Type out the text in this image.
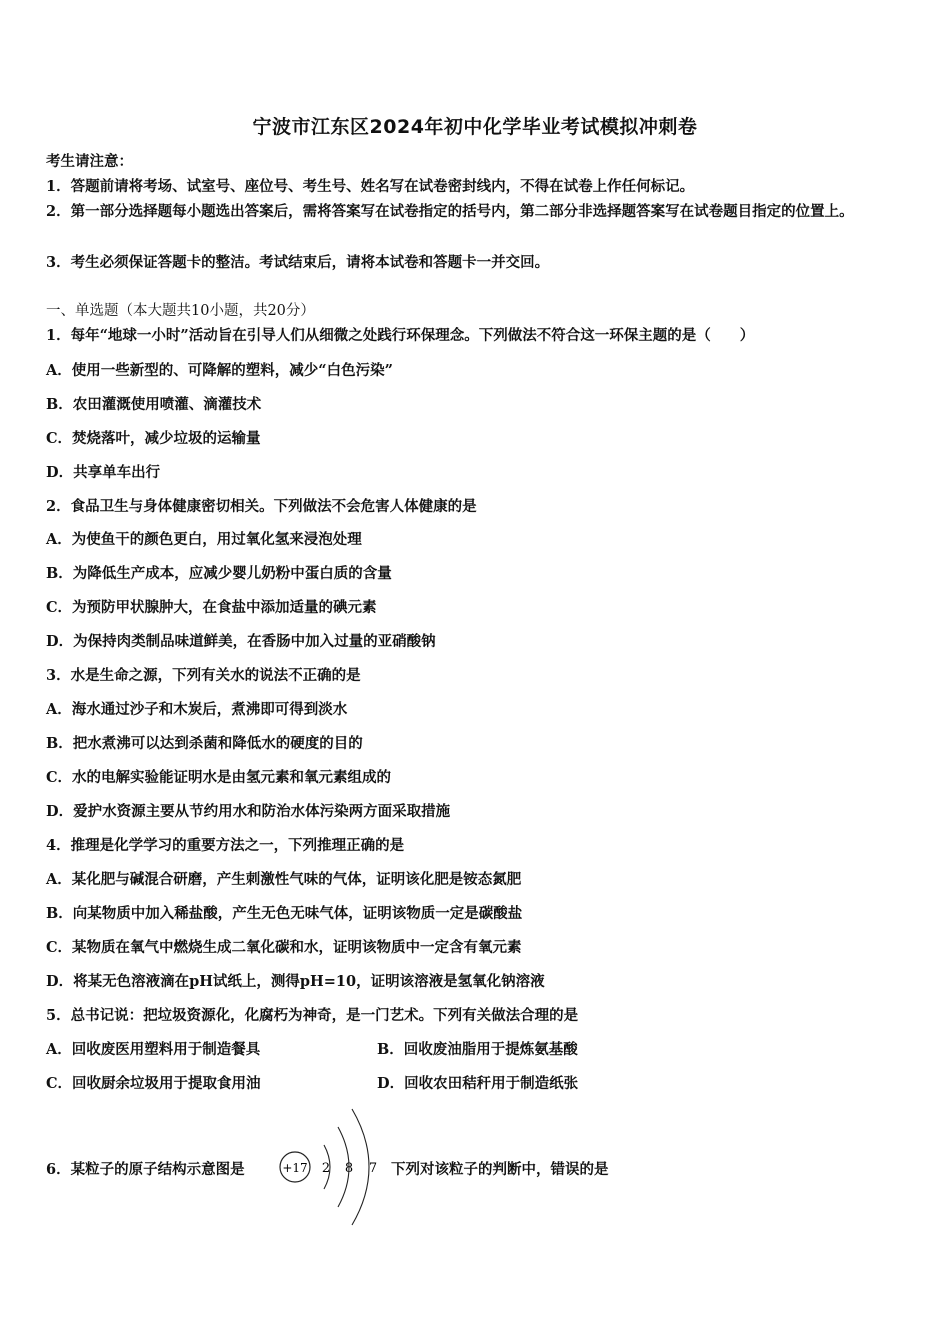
宁波市江东区2024年初中化学毕业考试模拟冲刺卷
考生请注意：
1．答题前请将考场、试室号、座位号、考生号、姓名写在试卷密封线内，不得在试卷上作任何标记。
2．第一部分选择题每小题选出答案后，需将答案写在试卷指定的括号内，第二部分非选择题答案写在试卷题目指定的位置上。
3．考生必须保证答题卡的整洁。考试结束后，请将本试卷和答题卡一并交回。
一、单选题（本大题共10小题，共20分）
1．每年“地球一小时”活动旨在引导人们从细微之处践行环保理念。下列做法不符合这一环保主题的是（　　）
A．使用一些新型的、可降解的塑料，减少“白色污染”
B．农田灌溉使用喷灌、滴灌技术
C．焚烧落叶，减少垃圾的运输量
D．共享单车出行
2．食品卫生与身体健康密切相关。下列做法不会危害人体健康的是
A．为使鱼干的颜色更白，用过氧化氢来浸泡处理
B．为降低生产成本，应减少婴儿奶粉中蛋白质的含量
C．为预防甲状腺肿大，在食盐中添加适量的碘元素
D．为保持肉类制品味道鲜美，在香肠中加入过量的亚硝酸钠
3．水是生命之源，下列有关水的说法不正确的是
A．海水通过沙子和木炭后，煮沸即可得到淡水
B．把水煮沸可以达到杀菌和降低水的硬度的目的
C．水的电解实验能证明水是由氢元素和氧元素组成的
D．爱护水资源主要从节约用水和防治水体污染两方面采取措施
4．推理是化学学习的重要方法之一，下列推理正确的是
A．某化肥与碱混合研磨，产生刺激性气味的气体，证明该化肥是铵态氮肥
B．向某物质中加入稀盐酸，产生无色无味气体，证明该物质一定是碳酸盐
C．某物质在氧气中燃烧生成二氧化碳和水，证明该物质中一定含有氧元素
D．将某无色溶液滴在pH试纸上，测得pH=10，证明该溶液是氢氧化钠溶液
5．总书记说：把垃圾资源化，化腐朽为神奇，是一门艺术。下列有关做法合理的是
A．回收废医用塑料用于制造餐具	B．回收废油脂用于提炼氨基酸
C．回收厨余垃圾用于提取食用油	D．回收农田秸秆用于制造纸张
6．某粒子的原子结构示意图是	+17 2 8 7 下列对该粒子的判断中，错误的是
